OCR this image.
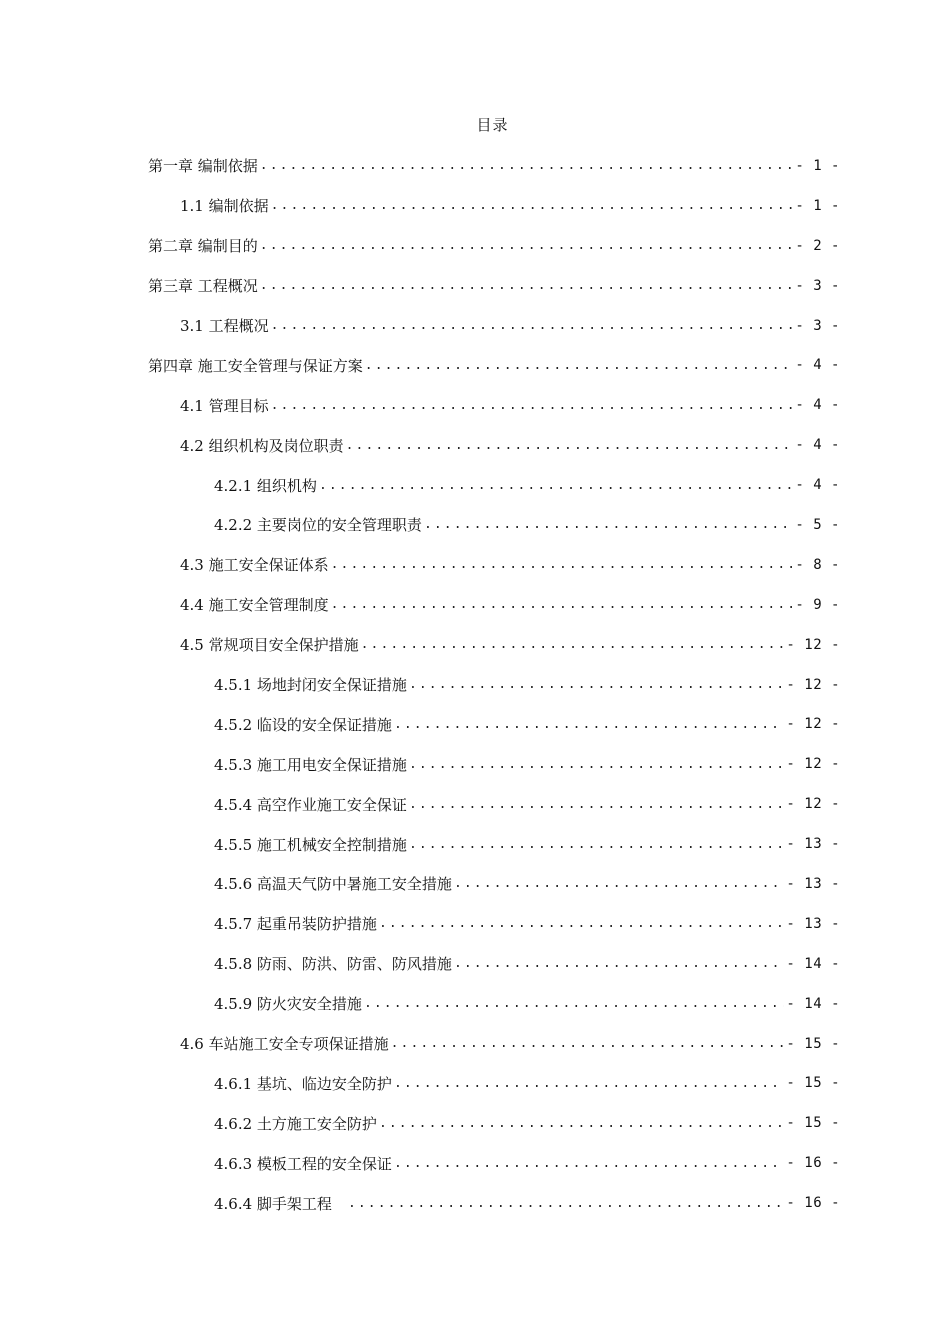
目录
第一章 编制依据 .....	- 1 -
1.1 编制依据 .....	- 1 -
第二章 编制目的 .....	- 2 -
第三章 工程概况 .....	- 3 -
3.1 工程概况 .....	- 3 -
第四章 施工安全管理与保证方案 .....	- 4 -
4.1 管理目标 .....	- 4 -
4.2 组织机构及岗位职责 .....	- 4 -
4.2.1 组织机构 .....	- 4 -
4.2.2 主要岗位的安全管理职责 .....	- 5 -
4.3 施工安全保证体系 .....	- 8 -
4.4 施工安全管理制度 .....	- 9 -
4.5 常规项目安全保护措施 .....	- 12 -
4.5.1 场地封闭安全保证措施 .....	- 12 -
4.5.2 临设的安全保证措施 .....	- 12 -
4.5.3 施工用电安全保证措施 .....	- 12 -
4.5.4 高空作业施工安全保证 .....	- 12 -
4.5.5 施工机械安全控制措施 .....	- 13 -
4.5.6 高温天气防中暑施工安全措施 .....	- 13 -
4.5.7 起重吊装防护措施 .....	- 13 -
4.5.8 防雨、防洪、防雷、防风措施 .....	- 14 -
4.5.9 防火灾安全措施 .....	- 14 -
4.6 车站施工安全专项保证措施 .....	- 15 -
4.6.1 基坑、临边安全防护 .....	- 15 -
4.6.2 土方施工安全防护 .....	- 15 -
4.6.3 模板工程的安全保证 .....	- 16 -
4.6.4 脚手架工程 .....	- 16 -
